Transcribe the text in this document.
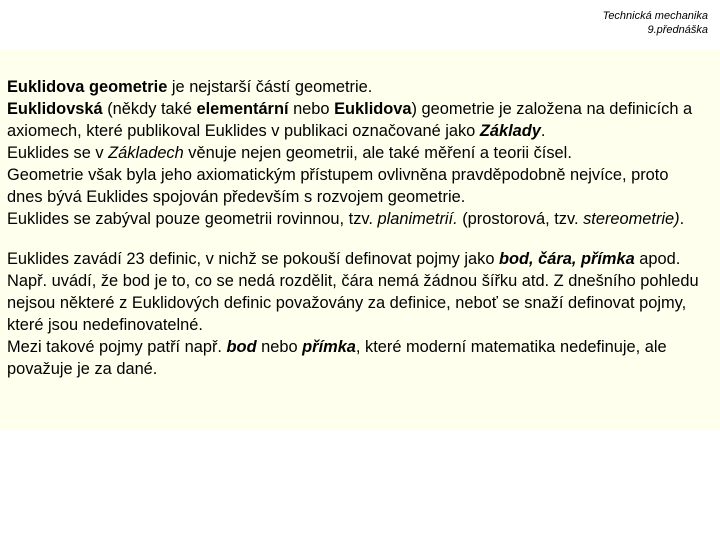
Technická mechanika
9.přednáška

Euklidova geometrie je nejstarší částí geometrie.
Euklidovská (někdy také elementární nebo Euklidova) geometrie je založena na definicích a axiomech, které publikoval Euklides v publikaci označované jako Základy.
Euklides se v Základech věnuje nejen geometrii, ale také měření a teorii čísel.
Geometrie však byla jeho axiomatickým přístupem ovlivněna pravděpodobně nejvíce, proto dnes bývá Euklides spojován především s rozvojem geometrie.
Euklides se zabýval pouze geometrii rovinnou, tzv. planimetrií. (prostorová, tzv. stereometrie).

Euklides zavádí 23 definic, v nichž se pokouší definovat pojmy jako bod, čára, přímka apod. Např. uvádí, že bod je to, co se nedá rozdělit, čára nemá žádnou šířku atd. Z dnešního pohledu nejsou některé z Euklidových definic považovány za definice, neboť se snaží definovat pojmy, které jsou nedefinovatelné.
Mezi takové pojmy patří např. bod nebo přímka, které moderní matematika nedefinuje, ale považuje je za dané.
